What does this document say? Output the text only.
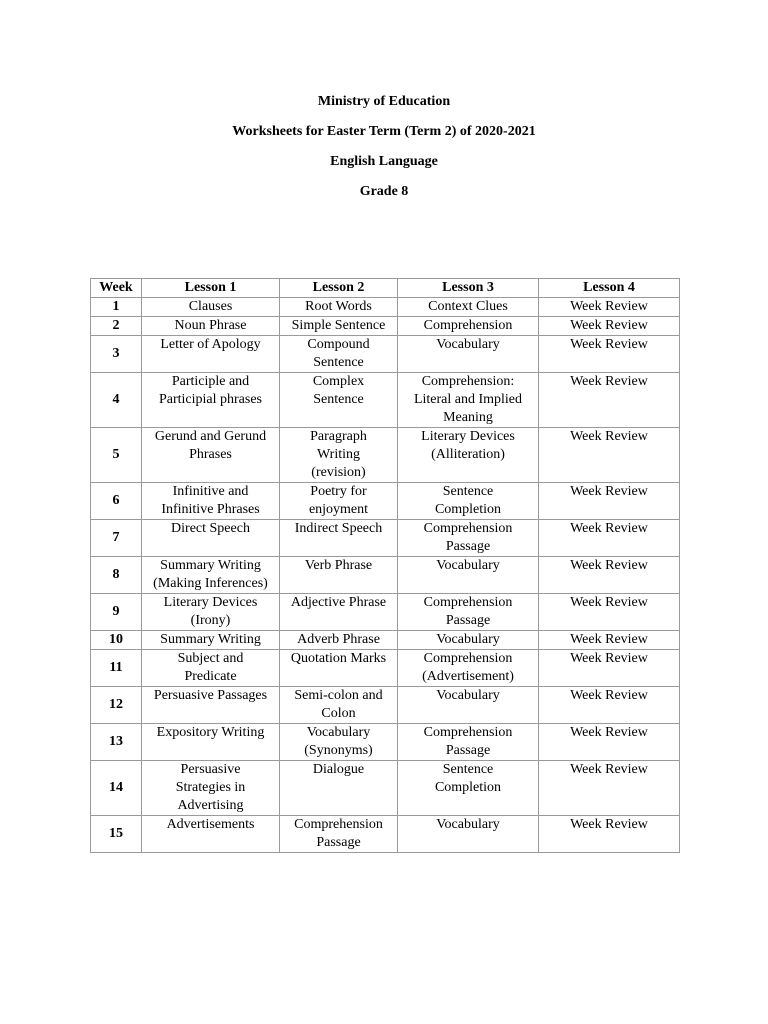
Ministry of Education
Worksheets for Easter Term (Term 2) of 2020-2021
English Language
Grade 8
Week	Lesson 1	Lesson 2	Lesson 3	Lesson 4
1	Clauses	Root Words	Context Clues	Week Review

2	Noun Phrase	Simple Sentence	Comprehension	Week Review

3	Letter of Apology	Compound
Sentence	Vocabulary	Week Review

4	Participle and
Participial phrases	Complex
Sentence	Comprehension:
Literal and Implied
Meaning	Week Review

5	Gerund and Gerund
Phrases	Paragraph
Writing
(revision)	Literary Devices
(Alliteration)	Week Review

6	Infinitive and
Infinitive Phrases	Poetry for
enjoyment	Sentence
Completion	Week Review

7	Direct Speech	Indirect Speech	Comprehension
Passage	Week Review

8	Summary Writing
(Making Inferences)	Verb Phrase	Vocabulary	Week Review

9	Literary Devices
(Irony)	Adjective Phrase	Comprehension
Passage	Week Review

10	Summary Writing	Adverb Phrase	Vocabulary	Week Review

11	Subject and
Predicate	Quotation Marks	Comprehension
(Advertisement)	Week Review

12	Persuasive Passages	Semi-colon and
Colon	Vocabulary	Week Review

13	Expository Writing	Vocabulary
(Synonyms)	Comprehension
Passage	Week Review

14	Persuasive
Strategies in
Advertising	Dialogue	Sentence
Completion	Week Review

15	Advertisements	Comprehension
Passage	Vocabulary	Week Review
